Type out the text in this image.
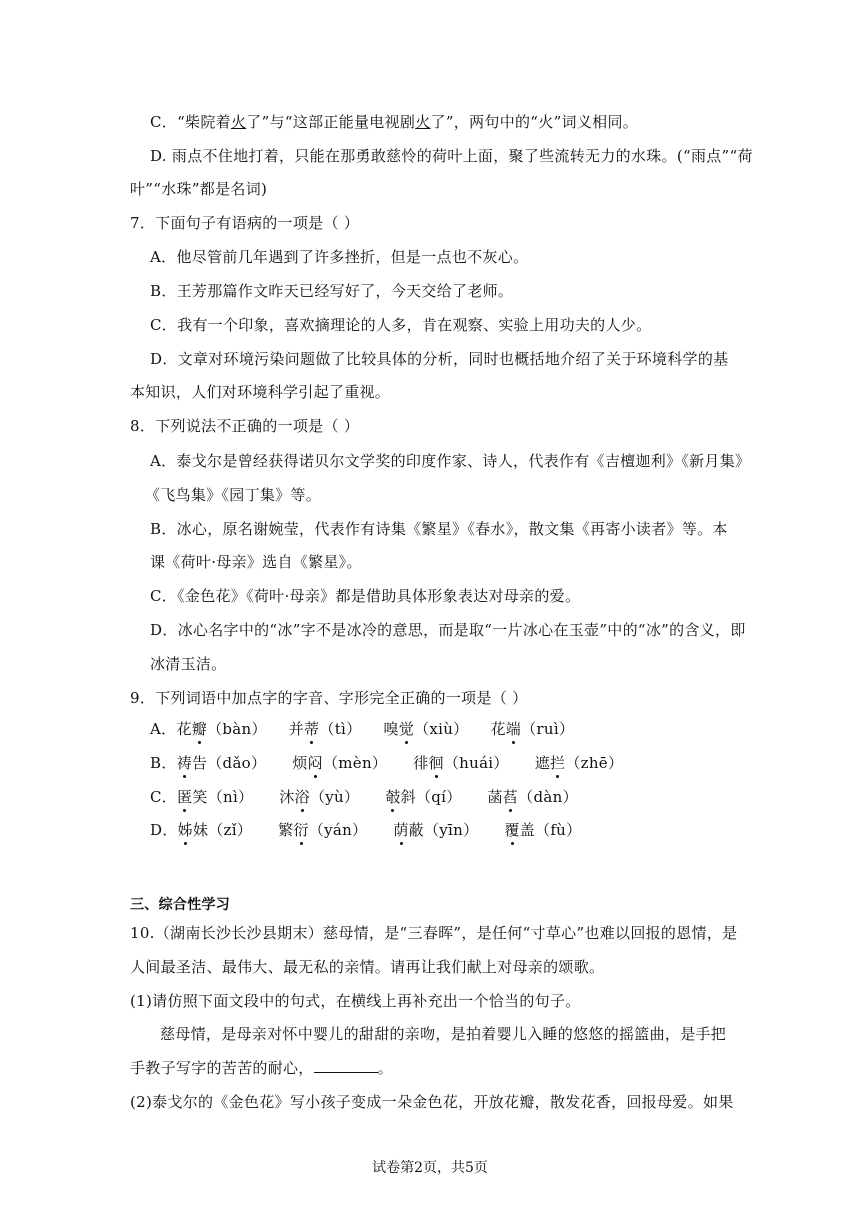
C．“柴院着火了”与“这部正能量电视剧火了”，两句中的“火”词义相同。
D. 雨点不住地打着，只能在那勇敢慈怜的荷叶上面，聚了些流转无力的水珠。(“雨点”“荷
叶”“水珠”都是名词)
7．下面句子有语病的一项是（ ）
A．他尽管前几年遇到了许多挫折，但是一点也不灰心。
B．王芳那篇作文昨天已经写好了，今天交给了老师。
C．我有一个印象，喜欢摘理论的人多，肯在观察、实验上用功夫的人少。
D．文章对环境污染问题做了比较具体的分析，同时也概括地介绍了关于环境科学的基
本知识，人们对环境科学引起了重视。
8．下列说法不正确的一项是（ ）
A．泰戈尔是曾经获得诺贝尔文学奖的印度作家、诗人，代表作有《吉檀迦利》《新月集》
《飞鸟集》《园丁集》等。
B．冰心，原名谢婉莹，代表作有诗集《繁星》《春水》，散文集《再寄小读者》等。本
课《荷叶·母亲》选自《繁星》。
C．《金色花》《荷叶·母亲》都是借助具体形象表达对母亲的爱。
D．冰心名字中的“冰”字不是冰冷的意思，而是取“一片冰心在玉壶”中的“冰”的含义，即
冰清玉洁。
9．下列词语中加点字的字音、字形完全正确的一项是（ ）
A．花瓣（bàn） 并蒂（tì） 嗅觉（xiù） 花端（ruì）
B．祷告（dǎo） 烦闷（mèn） 徘徊（huái） 遮拦（zhē）
C．匿笑（nì） 沐浴（yù） 攲斜（qí） 菡萏（dàn）
D．姊妹（zǐ） 繁衍（yán） 荫蔽（yīn） 覆盖（fù）
三、综合性学习
10.（湖南长沙长沙县期末）慈母情，是“三春晖”，是任何“寸草心”也难以回报的恩情，是
人间最圣洁、最伟大、最无私的亲情。请再让我们献上对母亲的颂歌。
(1)请仿照下面文段中的句式，在横线上再补充出一个恰当的句子。
慈母情，是母亲对怀中婴儿的甜甜的亲吻，是拍着婴儿入睡的悠悠的摇篮曲，是手把
手教子写字的苦苦的耐心，	。
(2)泰戈尔的《金色花》写小孩子变成一朵金色花，开放花瓣，散发花香，回报母爱。如果
试卷第2页，共5页
